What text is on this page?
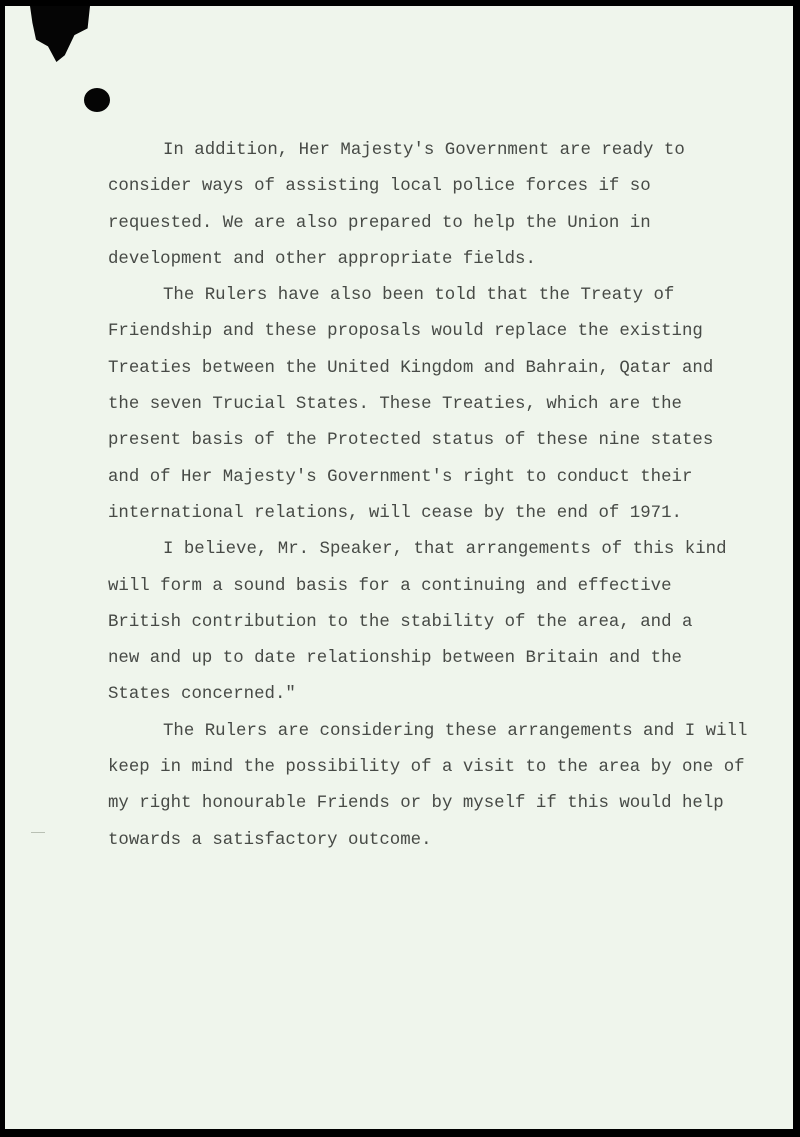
In addition, Her Majesty's Government are ready to
consider ways of assisting local police forces if so
requested. We are also prepared to help the Union in
development and other appropriate fields.

The Rulers have also been told that the Treaty of
Friendship and these proposals would replace the existing
Treaties between the United Kingdom and Bahrain, Qatar and
the seven Trucial States. These Treaties, which are the
present basis of the Protected status of these nine states
and of Her Majesty's Government's right to conduct their
international relations, will cease by the end of 1971.

I believe, Mr. Speaker, that arrangements of this kind
will form a sound basis for a continuing and effective
British contribution to the stability of the area, and a
new and up to date relationship between Britain and the
States concerned."

The Rulers are considering these arrangements and I will
keep in mind the possibility of a visit to the area by one of
my right honourable Friends or by myself if this would help
towards a satisfactory outcome.
